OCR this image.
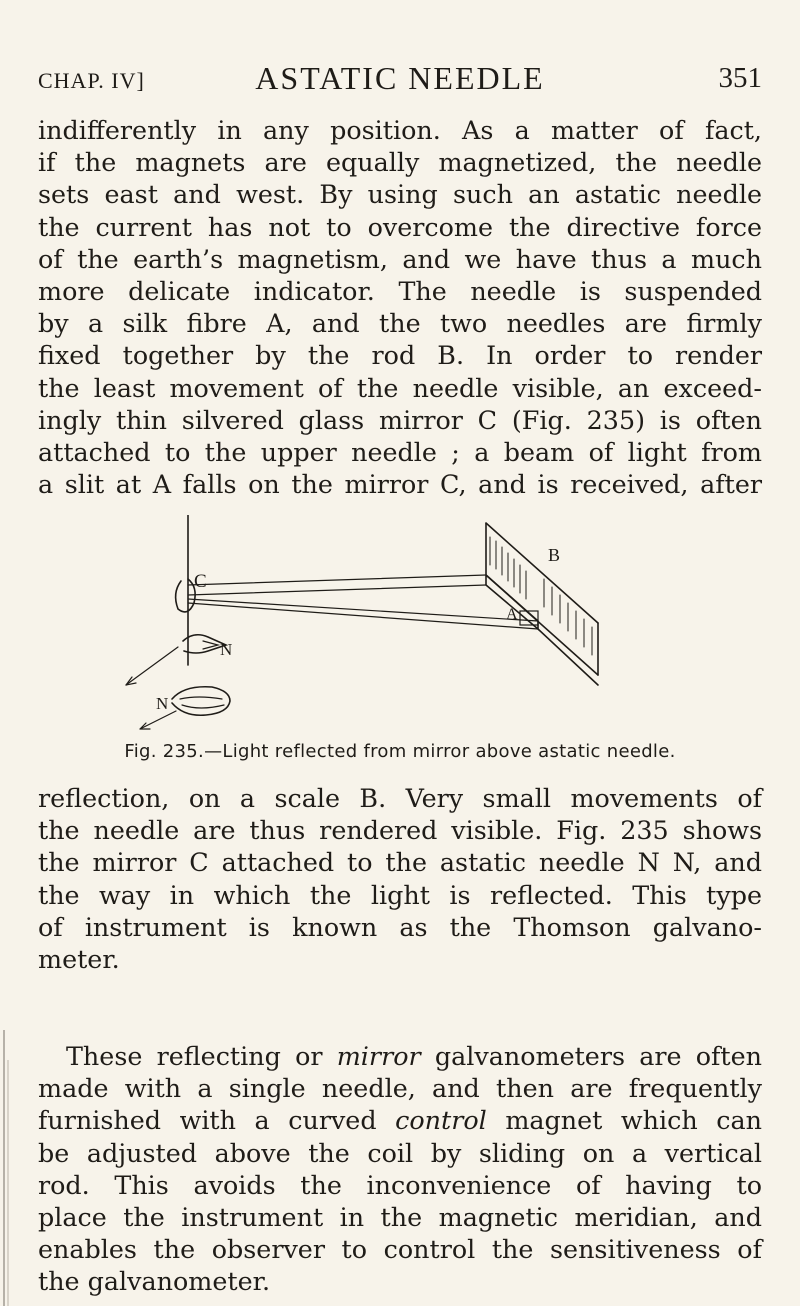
CHAP. IV]	ASTATIC NEEDLE	351

indifferently in any position. As a matter of fact,
if the magnets are equally magnetized, the needle
sets east and west. By using such an astatic needle
the current has not to overcome the directive force
of the earth’s magnetism, and we have thus a much
more delicate indicator. The needle is suspended
by a silk fibre A, and the two needles are firmly
fixed together by the rod B. In order to render
the least movement of the needle visible, an exceed-
ingly thin silvered glass mirror C (Fig. 235) is often
attached to the upper needle ; a beam of light from
a slit at A falls on the mirror C, and is received, after

C
B
A
N
N
Fig. 235.—Light reflected from mirror above astatic needle.

reflection, on a scale B. Very small movements of
the needle are thus rendered visible. Fig. 235 shows
the mirror C attached to the astatic needle N N, and
the way in which the light is reflected. This type
of instrument is known as the Thomson galvano-
meter.

These reflecting or mirror galvanometers are often
made with a single needle, and then are frequently
furnished with a curved control magnet which can
be adjusted above the coil by sliding on a vertical
rod. This avoids the inconvenience of having to
place the instrument in the magnetic meridian, and
enables the observer to control the sensitiveness of
the galvanometer.
